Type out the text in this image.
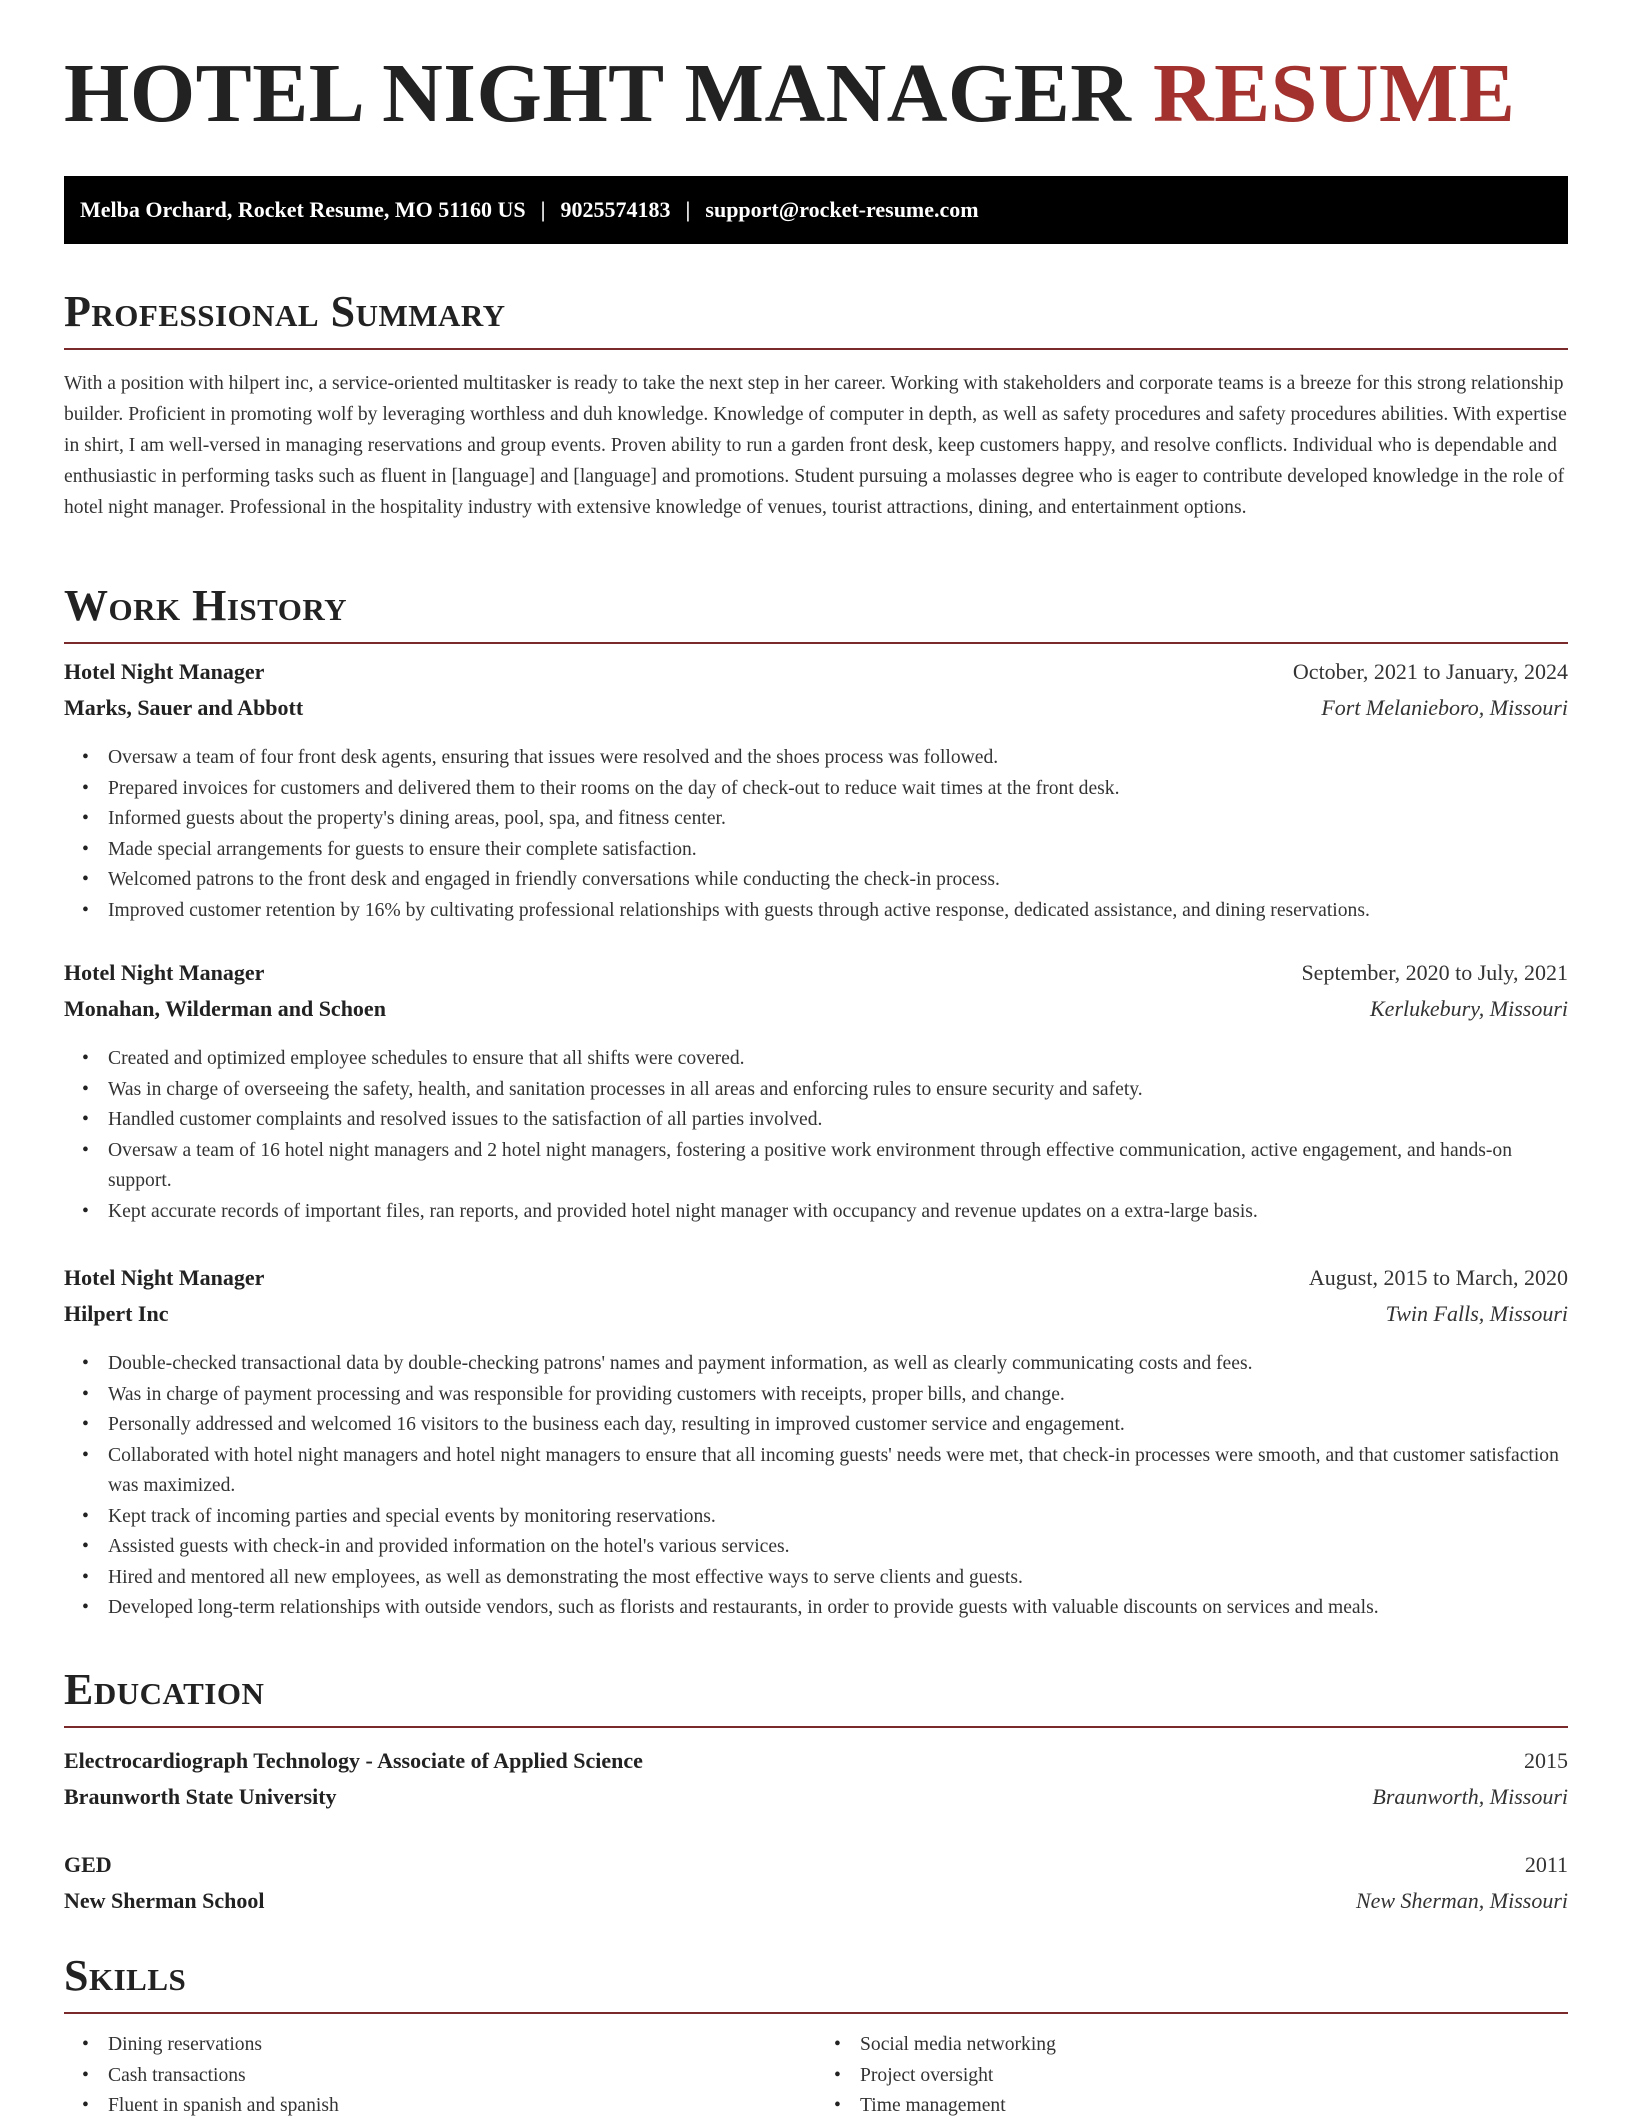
HOTEL NIGHT MANAGER RESUME
Melba Orchard, Rocket Resume, MO 51160 US | 9025574183 | support@rocket-resume.com
Professional Summary

With a position with hilpert inc, a service-oriented multitasker is ready to take the next step in her career. Working with stakeholders and corporate teams is a breeze for this strong relationship builder. Proficient in promoting wolf by leveraging worthless and duh knowledge. Knowledge of computer in depth, as well as safety procedures and safety procedures abilities. With expertise in shirt, I am well-versed in managing reservations and group events. Proven ability to run a garden front desk, keep customers happy, and resolve conflicts. Individual who is dependable and enthusiastic in performing tasks such as fluent in [language] and [language] and promotions. Student pursuing a molasses degree who is eager to contribute developed knowledge in the role of hotel night manager. Professional in the hospitality industry with extensive knowledge of venues, tourist attractions, dining, and entertainment options.

Work History
Hotel Night Manager	October, 2021 to January, 2024
Marks, Sauer and Abbott	Fort Melanieboro, Missouri
• Oversaw a team of four front desk agents, ensuring that issues were resolved and the shoes process was followed.
• Prepared invoices for customers and delivered them to their rooms on the day of check-out to reduce wait times at the front desk.
• Informed guests about the property's dining areas, pool, spa, and fitness center.
• Made special arrangements for guests to ensure their complete satisfaction.
• Welcomed patrons to the front desk and engaged in friendly conversations while conducting the check-in process.
• Improved customer retention by 16% by cultivating professional relationships with guests through active response, dedicated assistance, and dining reservations.
Hotel Night Manager	September, 2020 to July, 2021
Monahan, Wilderman and Schoen	Kerlukebury, Missouri
• Created and optimized employee schedules to ensure that all shifts were covered.
• Was in charge of overseeing the safety, health, and sanitation processes in all areas and enforcing rules to ensure security and safety.
• Handled customer complaints and resolved issues to the satisfaction of all parties involved.
• Oversaw a team of 16 hotel night managers and 2 hotel night managers, fostering a positive work environment through effective communication, active engagement, and hands-on support.
• Kept accurate records of important files, ran reports, and provided hotel night manager with occupancy and revenue updates on a extra-large basis.
Hotel Night Manager	August, 2015 to March, 2020
Hilpert Inc	Twin Falls, Missouri
• Double-checked transactional data by double-checking patrons' names and payment information, as well as clearly communicating costs and fees.
• Was in charge of payment processing and was responsible for providing customers with receipts, proper bills, and change.
• Personally addressed and welcomed 16 visitors to the business each day, resulting in improved customer service and engagement.
• Collaborated with hotel night managers and hotel night managers to ensure that all incoming guests' needs were met, that check-in processes were smooth, and that customer satisfaction was maximized.
• Kept track of incoming parties and special events by monitoring reservations.
• Assisted guests with check-in and provided information on the hotel's various services.
• Hired and mentored all new employees, as well as demonstrating the most effective ways to serve clients and guests.
• Developed long-term relationships with outside vendors, such as florists and restaurants, in order to provide guests with valuable discounts on services and meals.
Education
Electrocardiograph Technology - Associate of Applied Science	2015
Braunworth State University	Braunworth, Missouri
GED	2011
New Sherman School	New Sherman, Missouri
Skills
• Dining reservations
• Cash transactions
• Fluent in spanish and spanish
• Social media networking
• Project oversight
• Time management
